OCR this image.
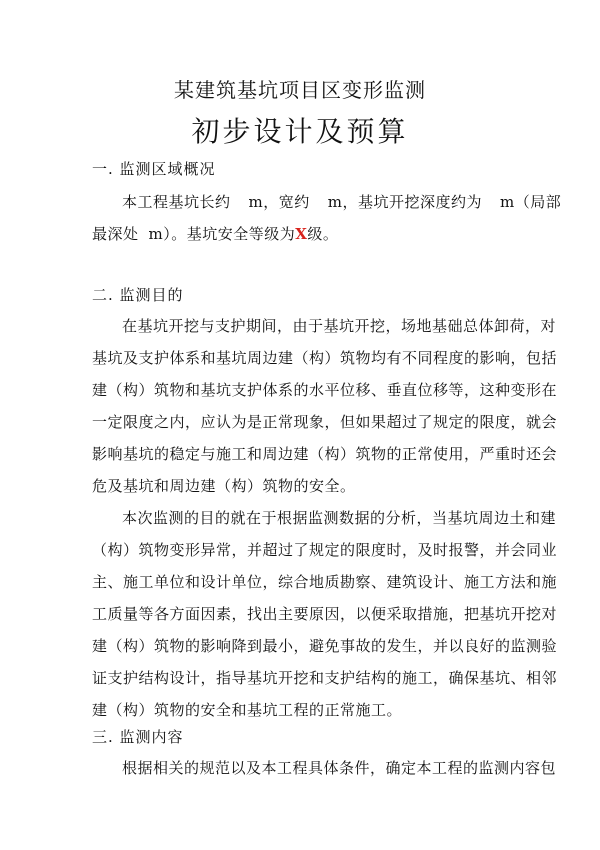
某建筑基坑项目区变形监测
初步设计及预算
一. 监测区域概况
本工程基坑长约 m，宽约 m，基坑开挖深度约为 m（局部
最深处 m）。基坑安全等级为X级。
二. 监测目的
在基坑开挖与支护期间，由于基坑开挖，场地基础总体卸荷，对
基坑及支护体系和基坑周边建（构）筑物均有不同程度的影响，包括
建（构）筑物和基坑支护体系的水平位移、垂直位移等，这种变形在
一定限度之内，应认为是正常现象，但如果超过了规定的限度，就会
影响基坑的稳定与施工和周边建（构）筑物的正常使用，严重时还会
危及基坑和周边建（构）筑物的安全。
本次监测的目的就在于根据监测数据的分析，当基坑周边土和建
（构）筑物变形异常，并超过了规定的限度时，及时报警，并会同业
主、施工单位和设计单位，综合地质勘察、建筑设计、施工方法和施
工质量等各方面因素，找出主要原因，以便采取措施，把基坑开挖对
建（构）筑物的影响降到最小，避免事故的发生，并以良好的监测验
证支护结构设计，指导基坑开挖和支护结构的施工，确保基坑、相邻
建（构）筑物的安全和基坑工程的正常施工。
三. 监测内容
根据相关的规范以及本工程具体条件，确定本工程的监测内容包
